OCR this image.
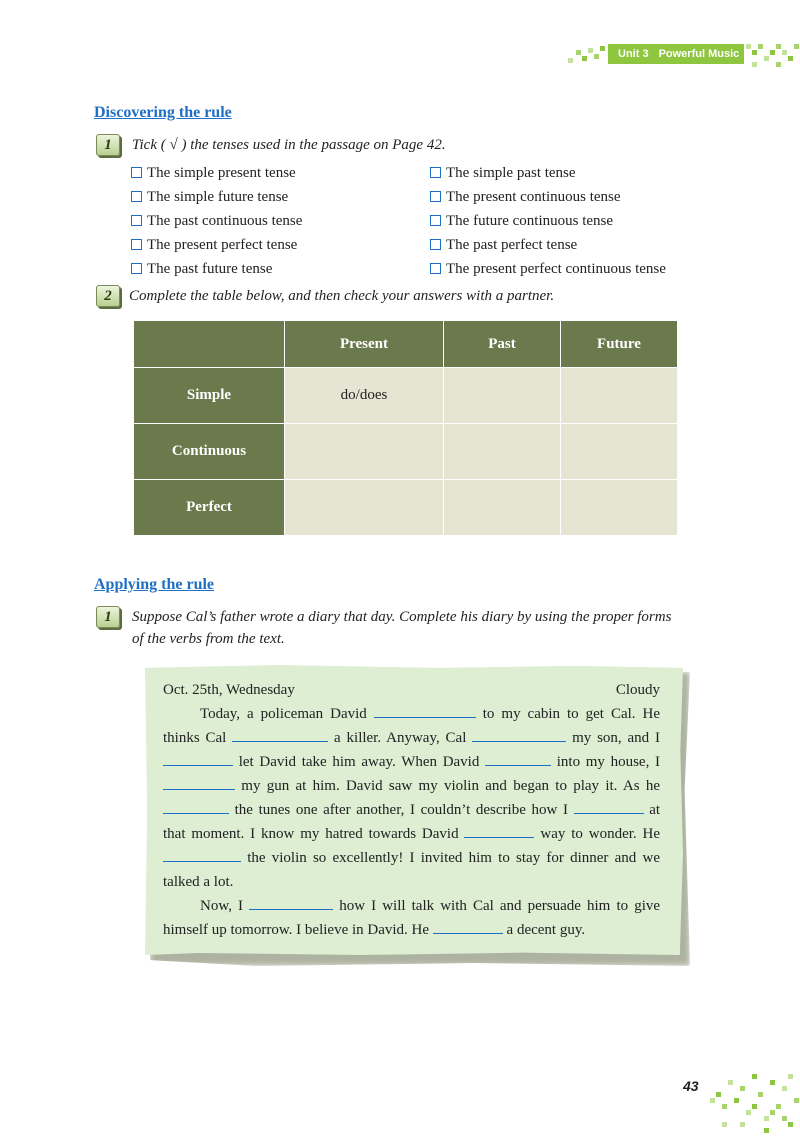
Unit 3 Powerful Music
Discovering the rule
1	Tick ( √ ) the tenses used in the passage on Page 42.
The simple present tense
The simple future tense
The past continuous tense
The present perfect tense
The past future tense
The simple past tense
The present continuous tense
The future continuous tense
The past perfect tense
The present perfect continuous tense
2	Complete the table below, and then check your answers with a partner.
	Present	Past	Future
Simple	do/does		
Continuous			
Perfect			
Applying the rule
1	Suppose Cal’s father wrote a diary that day. Complete his diary by using the proper forms
of the verbs from the text.
Oct. 25th, Wednesday	Cloudy

Today, a policeman David	to my cabin to get Cal. He thinks Cal	a killer. Anyway, Cal	my son, and I  let David take him away. When David	into my house, I  my gun at him. David saw my violin and began to play it. As he  the tunes one after another, I couldn’t describe how I	at that moment. I know my hatred towards David	way to wonder. He  the violin so excellently! I invited him to stay for dinner and we talked a lot.

Now, I	how I will talk with Cal and persuade him to give himself up tomorrow. I believe in David. He	a decent guy.

43
